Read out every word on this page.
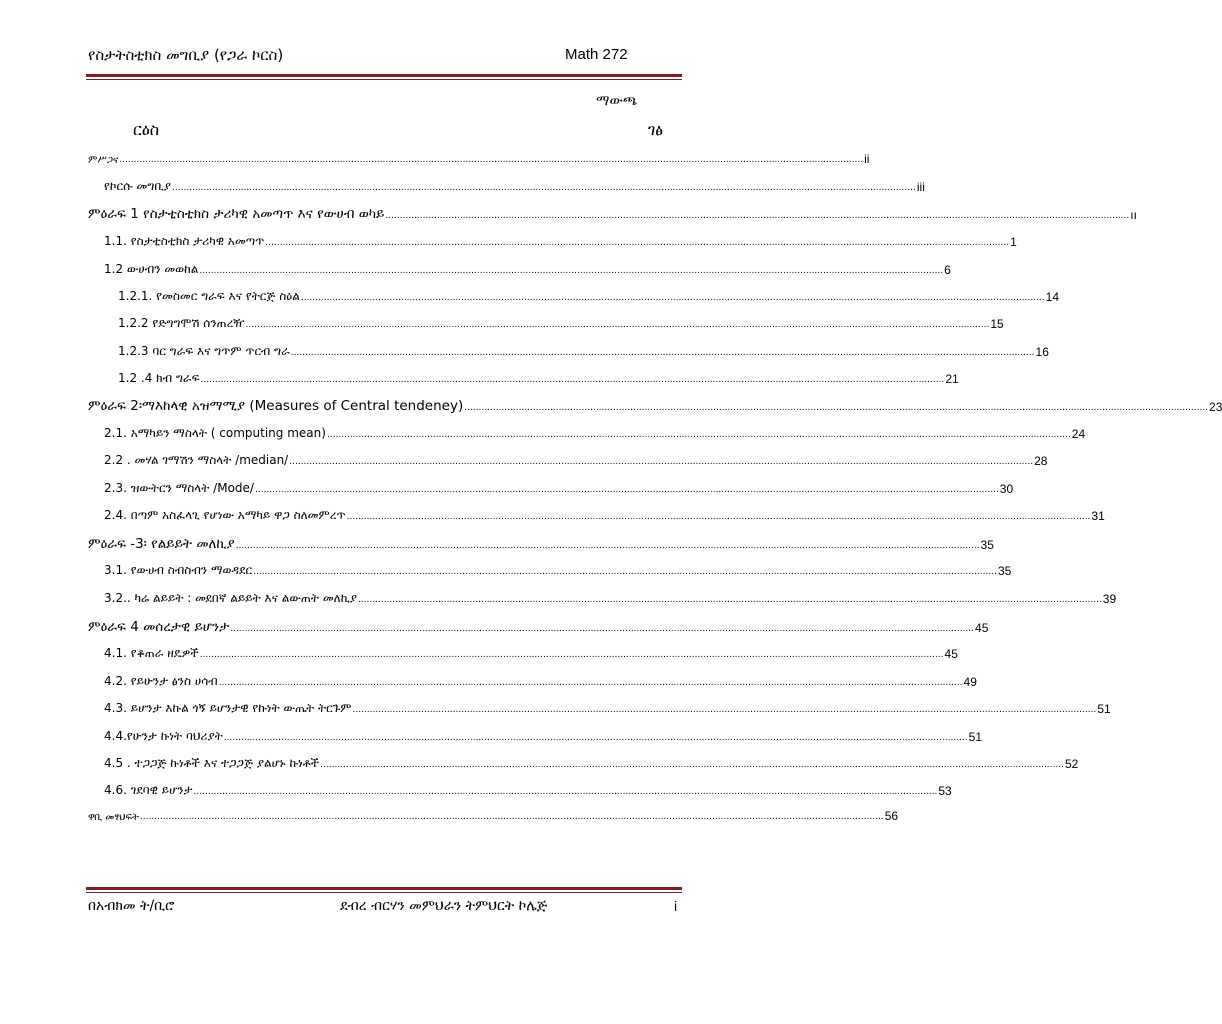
የስታትስቲክስ መግቢያ (የጋራ ኮርስ)	Math 272
ማውጫ
ርዕስ	ገፅ
ምሥጋና .................................................................................................................................................................................................................................................................... ii
የኮርሱ መግቢያ .................................................................................................................................................................................................................................................................... iii
ምዕራፍ 1 የስታቲስቲክስ ታሪካዊ አመጣጥ እና የውሀብ ወካይ .................................................................................................................................................................................................................................................................... ıı
1.1. የስታቲስቲክስ ታሪካዊ አመጣጥ .................................................................................................................................................................................................................................................................... 1
1.2 ውሀብን መወከል .................................................................................................................................................................................................................................................................... 6
1.2.1. የመስመር ግራፍ እና የትርጅ ስዕል .................................................................................................................................................................................................................................................................... 14
1.2.2 የድግግሞሽ ሰንጠረዥ .................................................................................................................................................................................................................................................................... 15
1.2.3 ባር ግራፍ እና ግጥም ጥርብ ግራ .................................................................................................................................................................................................................................................................... 16
1.2 .4 ክብ ግራፍ .................................................................................................................................................................................................................................................................... 21
ምዕራፍ 2፡ማእከላዊ አዝማሚያ (Measures of Central tendeney) .................................................................................................................................................................................................................................................................... 23
2.1. አማካይን ማስላት ( computing mean) .................................................................................................................................................................................................................................................................... 24
2.2 . መሃል ገማሽን ማስላት /median/ .................................................................................................................................................................................................................................................................... 28
2.3. ዝውትርን ማስላት /Mode/ .................................................................................................................................................................................................................................................................... 30
2.4. በጣም አስፈላጊ የሆነው አማካይ ዋጋ ስለመምረጥ .................................................................................................................................................................................................................................................................... 31
ምዕራፍ -3፡ የልይይት መለኪያ .................................................................................................................................................................................................................................................................... 35
3.1. የውሀብ ስብስብን ማወዳደር .................................................................................................................................................................................................................................................................... 35
3.2.. ካሬ ልይይት : መደበኛ ልይይት እና ልውጠት መለኪያ .................................................................................................................................................................................................................................................................... 39
ምዕራፍ 4 መሰረታዊ ይሆንታ .................................................................................................................................................................................................................................................................... 45
4.1. የቆጠራ ዘዴዎች .................................................................................................................................................................................................................................................................... 45
4.2. የይሁንታ ፅንስ ሀሳብ .................................................................................................................................................................................................................................................................... 49
4.3. ይሆንታ እኩል ጎኝ ይሆንታዊ የኩነት ውጤት ትርጉም .................................................................................................................................................................................................................................................................... 51
4.4.የሁንታ ኩነት ባህሪያት .................................................................................................................................................................................................................................................................... 51
4.5 . ተጋጋጅ ኩነቶች እና ተጋጋጅ ያልሆኑ ኩነቶች .................................................................................................................................................................................................................................................................... 52
4.6. ገደባዊ ይሆንታ .................................................................................................................................................................................................................................................................... 53
ዋቢ መፃህፍት .................................................................................................................................................................................................................................................................... 56
በአብክመ ት/ቢሮ	ደብረ ብርሃን መምህራን ትምህርት ኮሌጅ	i
